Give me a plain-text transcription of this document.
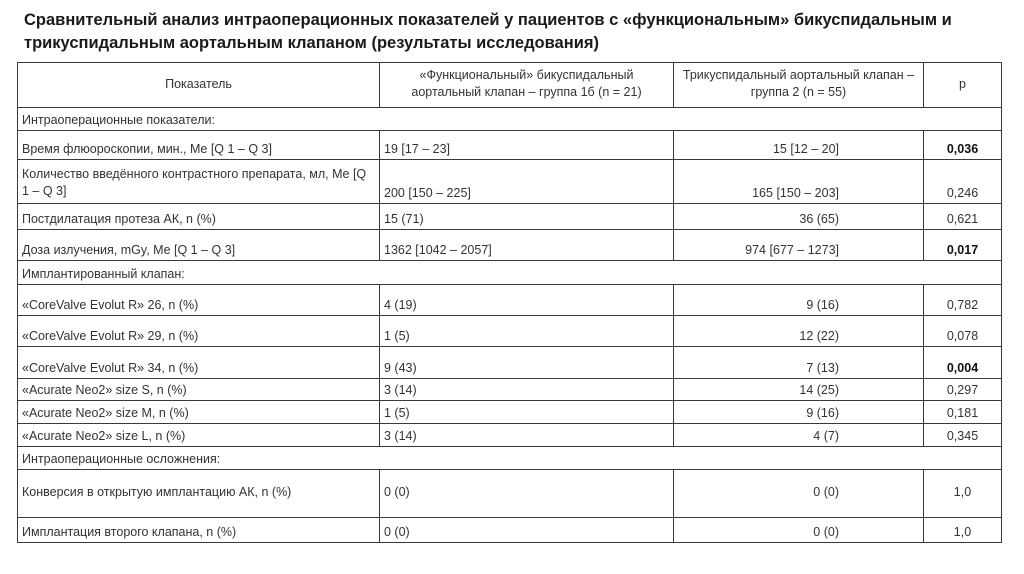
Сравнительный анализ интраоперационных показателей у пациентов с «функциональным» бикуспидальным и трикуспидальным аортальным клапаном (результаты исследования)
Показатель	«Функциональный» бикуспидальный аортальный клапан – группа 1б (n = 21)	Трикуспидальный аортальный клапан – группа 2 (n = 55)	р
Интраоперационные показатели:			
Время флюороскопии, мин., Me [Q 1 – Q 3]	19 [17 – 23]	15 [12 – 20]	0,036
Количество введённого контрастного препарата, мл, Me [Q 1 – Q 3]	200 [150 – 225]	165 [150 – 203]	0,246
Постдилатация протеза АК, n (%)	15 (71)	36 (65)	0,621
Доза излучения, mGy, Me [Q 1 – Q 3]	1362 [1042 – 2057]	974 [677 – 1273]	0,017
Имплантированный клапан:			
«CoreValve Evolut R» 26, n (%)	4 (19)	9 (16)	0,782
«CoreValve Evolut R» 29, n (%)	1 (5)	12 (22)	0,078
«CoreValve Evolut R» 34, n (%)	9 (43)	7 (13)	0,004
«Acurate Neo2» size S, n (%)	3 (14)	14 (25)	0,297
«Acurate Neo2» size M, n (%)	1 (5)	9 (16)	0,181
«Acurate Neo2» size L, n (%)	3 (14)	4 (7)	0,345
Интраоперационные осложнения:			
Конверсия в открытую имплантацию АК, n (%)	0 (0)	0 (0)	1,0
Имплантация второго клапана, n (%)	0 (0)	0 (0)	1,0
